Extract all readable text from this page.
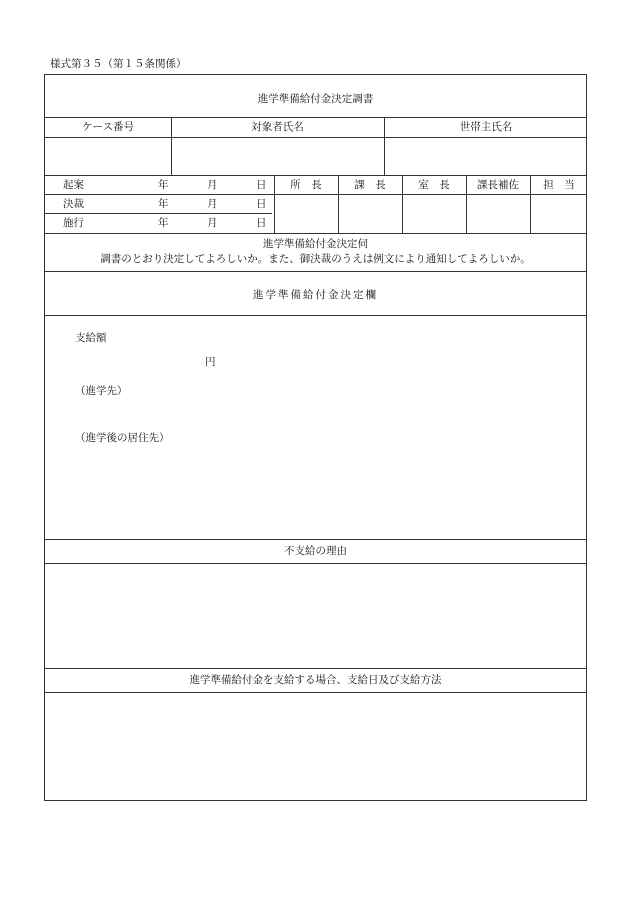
様式第３５（第１５条関係）
進学準備給付金決定調書
ケース番号	対象者氏名	世帯主氏名
起案	年	月	日
決裁	年	月	日
施行	年	月	日
所　長	課　長	室　長	課長補佐	担　当
進学準備給付金決定伺
調書のとおり決定してよろしいか。また、御決裁のうえは例文により通知してよろしいか。
進学準備給付金決定欄
支給額
円
（進学先）
（進学後の居住先）
不支給の理由
進学準備給付金を支給する場合、支給日及び支給方法
